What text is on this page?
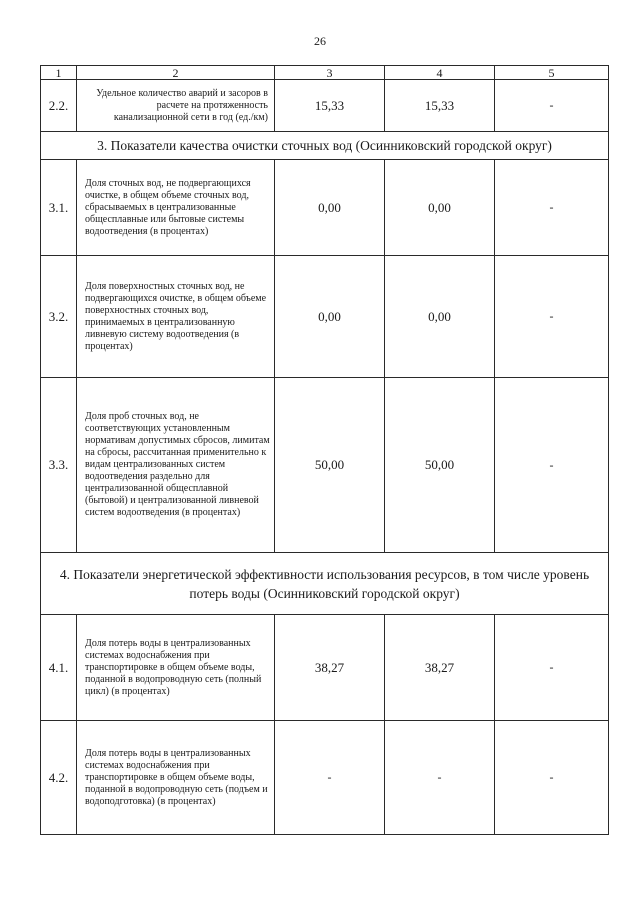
26
1	2	3	4	5
2.2.	Удельное количество аварий и засоров в расчете на протяженность канализационной сети в год (ед./км)	15,33	15,33	-
3. Показатели качества очистки сточных вод (Осинниковский городской округ)				
3.1.	Доля сточных вод, не подвергающихся очистке, в общем объеме сточных вод, сбрасываемых в централизованные общесплавные или бытовые системы водоотведения (в процентах)	0,00	0,00	-
3.2.	Доля поверхностных сточных вод, не подвергающихся очистке, в общем объеме поверхностных сточных вод, принимаемых в централизованную ливневую систему водоотведения (в процентах)	0,00	0,00	-
3.3.	Доля проб сточных вод, не соответствующих установленным нормативам допустимых сбросов, лимитам на сбросы, рассчитанная применительно к видам централизованных систем водоотведения раздельно для централизованной общесплавной (бытовой) и централизованной ливневой систем водоотведения (в процентах)	50,00	50,00	-
4. Показатели энергетической эффективности использования ресурсов, в том числе уровень потерь воды (Осинниковский городской округ)				
4.1.	Доля потерь воды в централизованных системах водоснабжения при транспортировке в общем объеме воды, поданной в водопроводную сеть (полный цикл) (в процентах)	38,27	38,27	-
4.2.	Доля потерь воды в централизованных системах водоснабжения при транспортировке в общем объеме воды, поданной в водопроводную сеть (подъем и водоподготовка) (в процентах)	-	-	-
